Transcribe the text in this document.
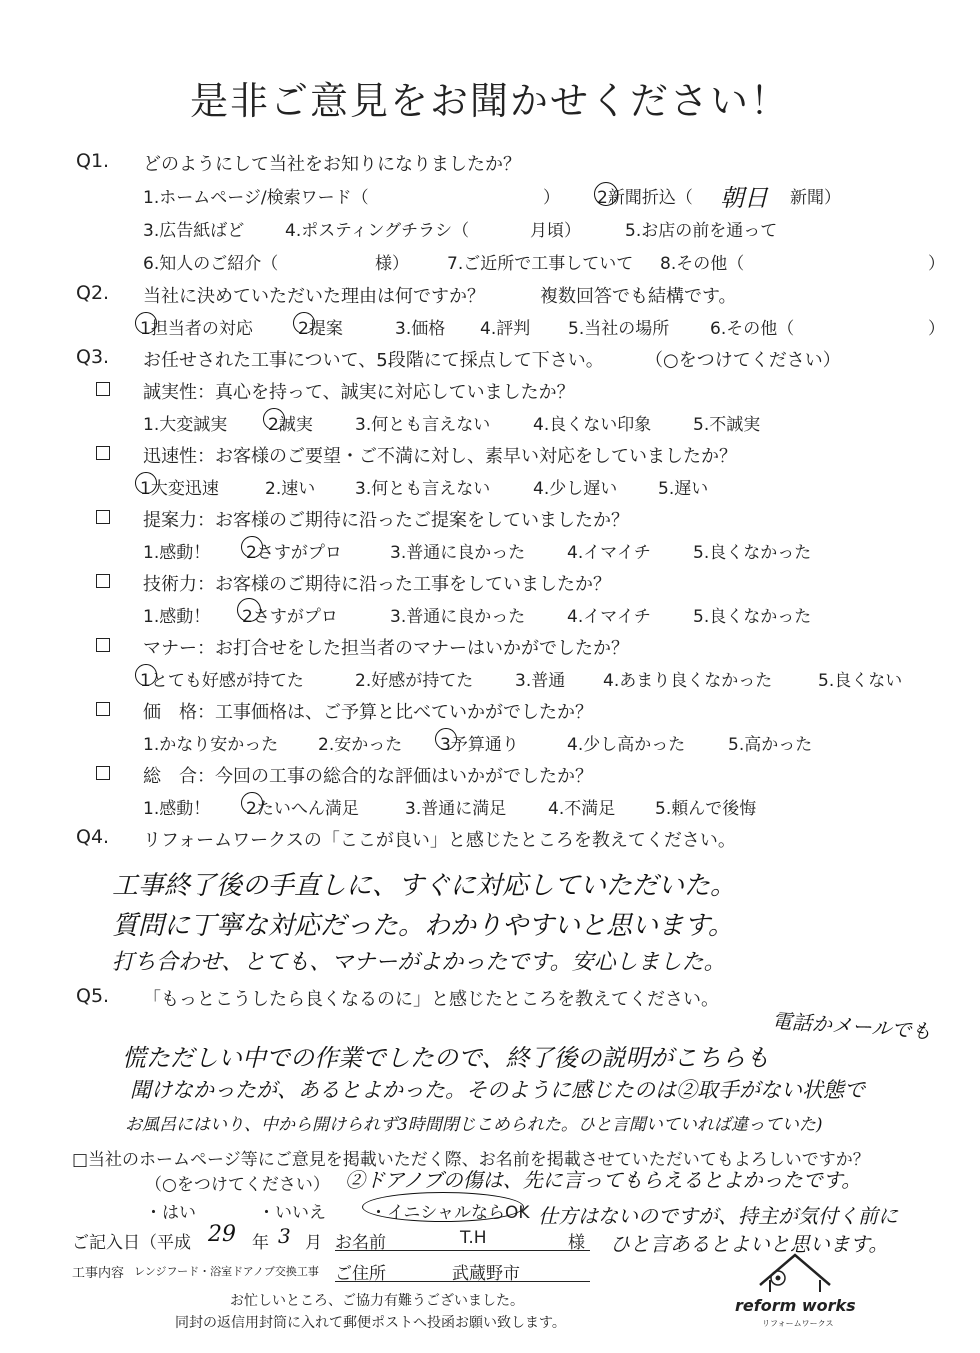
是非ご意見をお聞かせください！
Q1. どのようにして当社をお知りになりましたか？
1.ホームページ/検索ワード（	） 2新聞折込（ 朝日 新聞）
3.広告紙ばど 4.ポスティングチラシ（	月頃）	5.お店の前を通って
6.知人のご紹介（	様） 7.ご近所で工事していて 8.その他（	）
Q2. 当社に決めていただいた理由は何ですか？	複数回答でも結構です。
1担当者の対応	2提案	3.価格 4.評判 5.当社の場所 6.その他（	）
Q3. お任せされた工事について、5段階にて採点して下さい。 （○をつけてください）
誠実性：真心を持って、誠実に対応していましたか？
1.大変誠実 2誠実 3.何とも言えない	4.良くない印象 5.不誠実
迅速性：お客様のご要望・ご不満に対し、素早い対応をしていましたか？
1大変迅速	2.速い 3.何とも言えない	4.少し遅い 5.遅い
提案力：お客様のご期待に沿ったご提案をしていましたか？
1.感動！ 2さすがプロ	3.普通に良かった 4.イマイチ 5.良くなかった
技術力：お客様のご期待に沿った工事をしていましたか？
1.感動！ 2さすがプロ	3.普通に良かった 4.イマイチ 5.良くなかった
マナー：お打合せをした担当者のマナーはいかがでしたか？
1とても好感が持てた	2.好感が持てた 3.普通 4.あまり良くなかった	5.良くない
価　格：工事価格は、ご予算と比べていかがでしたか？
1.かなり安かった 2.安かった 3予算通り	4.少し高かった	5.高かった
総　合：今回の工事の総合的な評価はいかがでしたか？
1.感動！ 2たいへん満足	3.普通に満足 4.不満足 5.頼んで後悔
Q4. リフォームワークスの「ここが良い」と感じたところを教えてください。
工事終了後の手直しに、すぐに対応していただいた。
質問に丁寧な対応だった。わかりやすいと思います。
打ち合わせ、とても、マナーがよかったです。安心しました。
Q5. 「もっとこうしたら良くなるのに」と感じたところを教えてください。
電話かメールでも
慌ただしい中での作業でしたので、終了後の説明がこちらも
聞けなかったが、あるとよかった。そのように感じたのは②取手がない状態で
お風呂にはいり、中から開けられず3時間閉じこめられた。ひと言聞いていれば違っていた)
□当社のホームページ等にご意見を掲載いただく際、お名前を掲載させていただいてもよろしいですか？
（○をつけてください） ②ドアノブの傷は、先に言ってもらえるとよかったです。
・はい	・いいえ	・イニシャルならOK 仕方はないのですが、持主が気付く前に
ひと言あるとよいと思います。
ご記入日（平成 29 年 3 月 お名前	T.H	様
工事内容 レンジフード・浴室ドアノブ交換工事 ご住所	武蔵野市
お忙しいところ、ご協力有難うございました。
同封の返信用封筒に入れて郵便ポストへ投函お願い致します。
reform works
リフォームワークス
